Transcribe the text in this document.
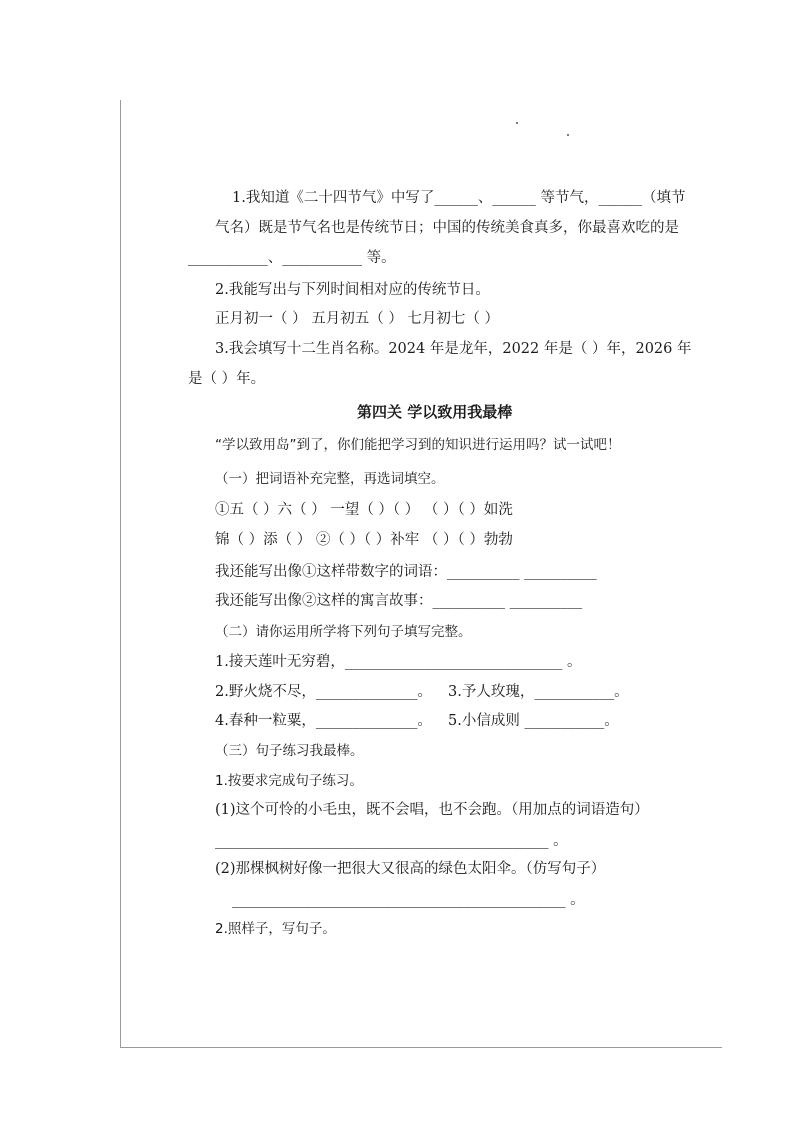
1.我知道《二十四节气》中写了______、______ 等节气，______（填节
气名）既是节气名也是传统节日；中国的传统美食真多，你最喜欢吃的是
___________、___________ 等。
2.我能写出与下列时间相对应的传统节日。
正月初一（ ） 五月初五（ ） 七月初七（ ）
3.我会填写十二生肖名称。2024 年是龙年，2022 年是（ ）年，2026 年
是（ ）年。
第四关 学以致用我最棒
“学以致用岛”到了，你们能把学习到的知识进行运用吗？试一试吧！
（一）把词语补充完整，再选词填空。
①五（ ）六（ ） 一望（ ）（ ） （ ）（ ）如洗
锦（ ）添（ ） ②（ ）（ ）补牢 （ ）（ ）勃勃
我还能写出像①这样带数字的词语：__________ __________
我还能写出像②这样的寓言故事：__________ __________
（二）请你运用所学将下列句子填写完整。
1.接天莲叶无穷碧，______________________________ 。
2.野火烧不尽，______________。 3.予人玫瑰，___________。
4.春种一粒粟，______________。 5.小信成则 ___________。
（三）句子练习我最棒。
1.按要求完成句子练习。
(1)这个可怜的小毛虫，既不会唱，也不会跑。（用加点的词语造句）
______________________________________________ 。
(2)那棵枫树好像一把很大又很高的绿色太阳伞。（仿写句子）
______________________________________________ 。
2.照样子，写句子。
